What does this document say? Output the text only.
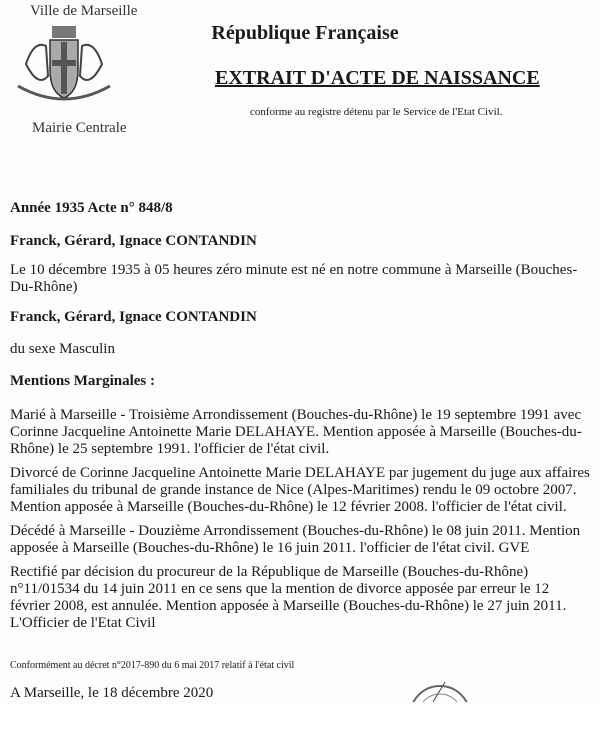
Ville de Marseille
Mairie Centrale
République Française
EXTRAIT D'ACTE DE NAISSANCE
conforme au registre détenu par le Service de l'Etat Civil.

Année 1935 Acte n° 848/8

Franck, Gérard, Ignace CONTANDIN

Le 10 décembre 1935 à 05 heures zéro minute est né en notre commune à Marseille (Bouches-Du-Rhône)

Franck, Gérard, Ignace CONTANDIN

du sexe Masculin

Mentions Marginales :

Marié à Marseille - Troisième Arrondissement (Bouches-du-Rhône) le 19 septembre 1991 avec Corinne Jacqueline Antoinette Marie DELAHAYE. Mention apposée à Marseille (Bouches-du-Rhône) le 25 septembre 1991. l'officier de l'état civil.

Divorcé de Corinne Jacqueline Antoinette Marie DELAHAYE par jugement du juge aux affaires familiales du tribunal de grande instance de Nice (Alpes-Maritimes) rendu le 09 octobre 2007. Mention apposée à Marseille (Bouches-du-Rhône) le 12 février 2008. l'officier de l'état civil.

Décédé à Marseille - Douzième Arrondissement (Bouches-du-Rhône) le 08 juin 2011. Mention apposée à Marseille (Bouches-du-Rhône) le 16 juin 2011. l'officier de l'état civil. GVE

Rectifié par décision du procureur de la République de Marseille (Bouches-du-Rhône) n°11/01534 du 14 juin 2011 en ce sens que la mention de divorce apposée par erreur le 12 février 2008, est annulée. Mention apposée à Marseille (Bouches-du-Rhône) le 27 juin 2011. L'Officier de l'Etat Civil

Conformément au décret n°2017-890 du 6 mai 2017 relatif à l'état civil
A Marseille, le 18 décembre 2020
